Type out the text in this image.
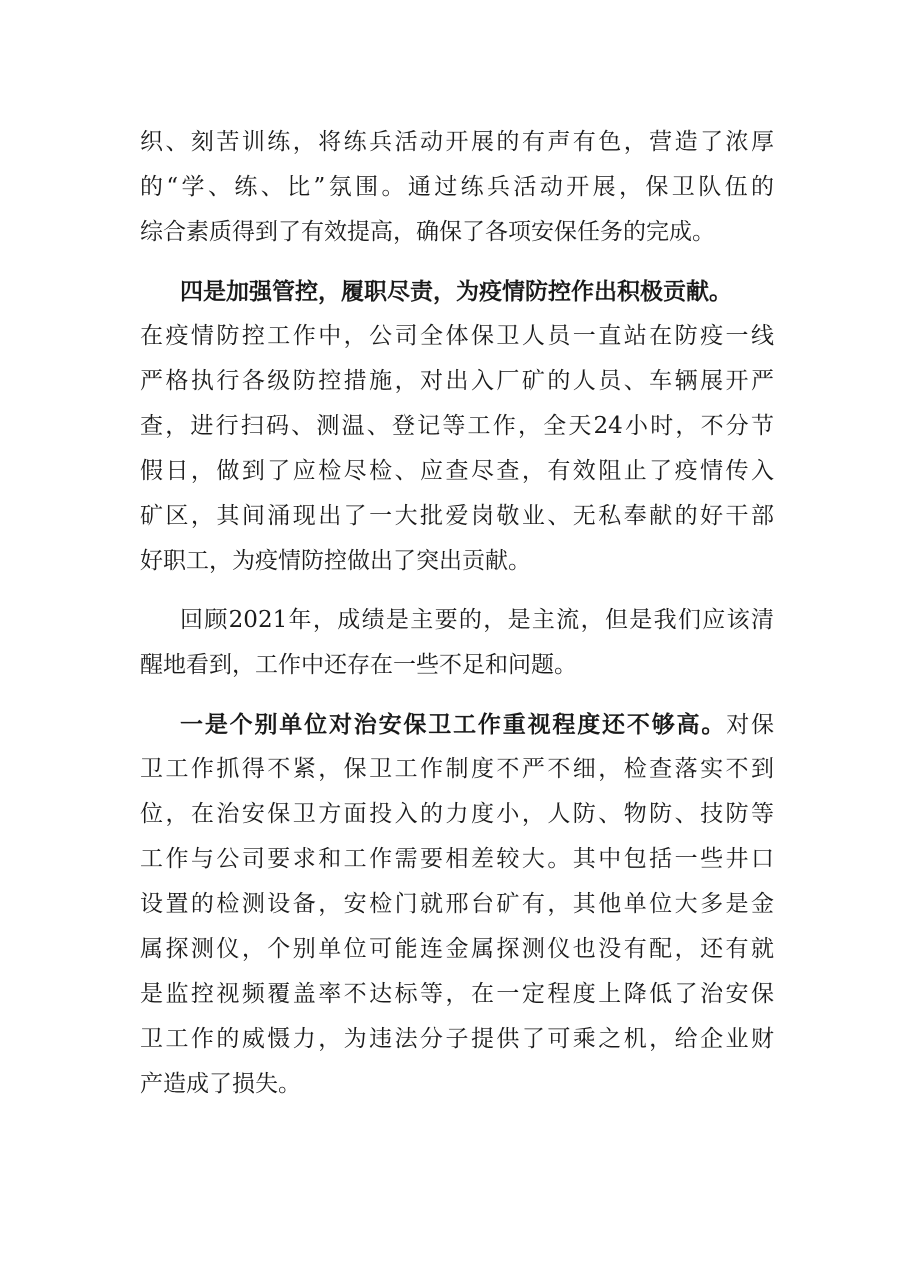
织、刻苦训练，将练兵活动开展的有声有色，营造了浓厚
的“学、练、比”氛围。通过练兵活动开展，保卫队伍的
综合素质得到了有效提高，确保了各项安保任务的完成。
四是加强管控，履职尽责，为疫情防控作出积极贡献。
在疫情防控工作中，公司全体保卫人员一直站在防疫一线
严格执行各级防控措施，对出入厂矿的人员、车辆展开严
查，进行扫码、测温、登记等工作，全天24小时，不分节
假日，做到了应检尽检、应查尽查，有效阻止了疫情传入
矿区，其间涌现出了一大批爱岗敬业、无私奉献的好干部
好职工，为疫情防控做出了突出贡献。
回顾2021年，成绩是主要的，是主流，但是我们应该清
醒地看到，工作中还存在一些不足和问题。
一是个别单位对治安保卫工作重视程度还不够高。对保
卫工作抓得不紧，保卫工作制度不严不细，检查落实不到
位，在治安保卫方面投入的力度小，人防、物防、技防等
工作与公司要求和工作需要相差较大。其中包括一些井口
设置的检测设备，安检门就邢台矿有，其他单位大多是金
属探测仪，个别单位可能连金属探测仪也没有配，还有就
是监控视频覆盖率不达标等，在一定程度上降低了治安保
卫工作的威慑力，为违法分子提供了可乘之机，给企业财
产造成了损失。
